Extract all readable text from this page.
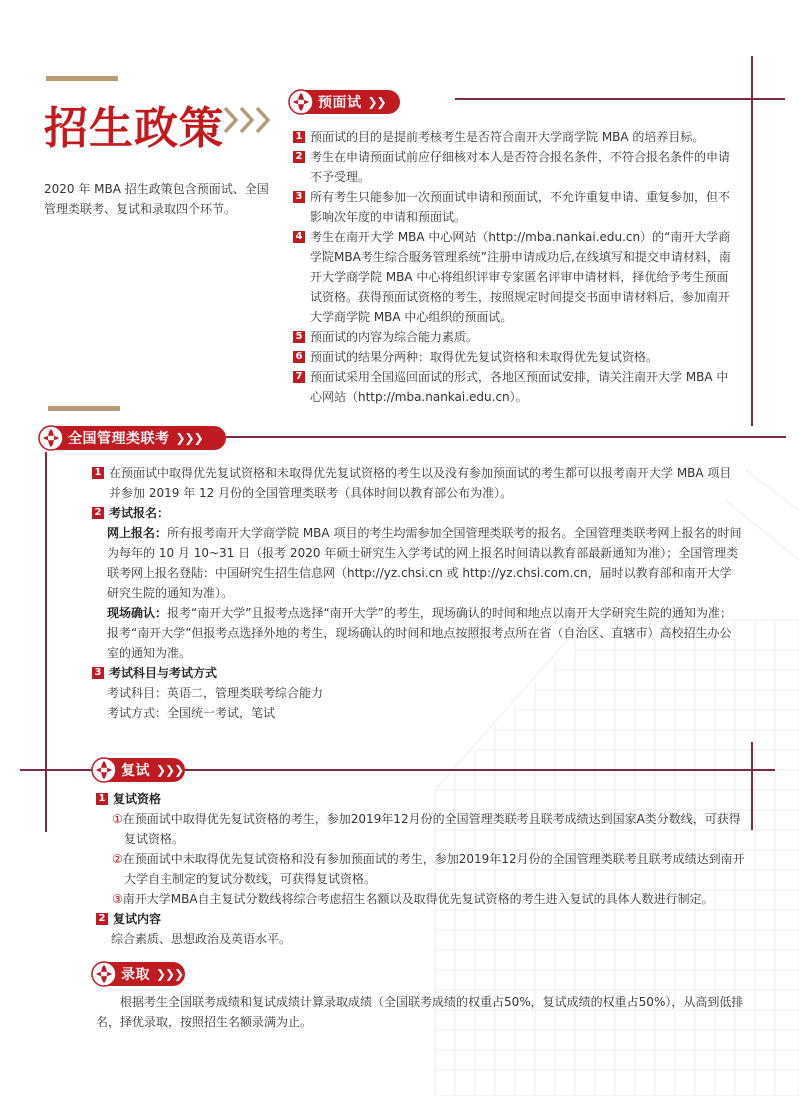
招生政策
2020 年 MBA 招生政策包含预面试、全国管理类联考、复试和录取四个环节。
预面试 ❯❯
1 预面试的目的是提前考核考生是否符合南开大学商学院 MBA 的培养目标。
2 考生在申请预面试前应仔细核对本人是否符合报名条件，不符合报名条件的申请不予受理。
3 所有考生只能参加一次预面试申请和预面试，不允许重复申请、重复参加，但不影响次年度的申请和预面试。
4 考生在南开大学 MBA 中心网站（http://mba.nankai.edu.cn）的“南开大学商学院MBA考生综合服务管理系统”注册申请成功后,在线填写和提交申请材料，南开大学商学院 MBA 中心将组织评审专家匿名评审申请材料，择优给予考生预面试资格。获得预面试资格的考生，按照规定时间提交书面申请材料后，参加南开大学商学院 MBA 中心组织的预面试。
5 预面试的内容为综合能力素质。
6 预面试的结果分两种：取得优先复试资格和未取得优先复试资格。
7 预面试采用全国巡回面试的形式，各地区预面试安排，请关注南开大学 MBA 中心网站（http://mba.nankai.edu.cn）。
全国管理类联考 ❯❯❯
1 在预面试中取得优先复试资格和未取得优先复试资格的考生以及没有参加预面试的考生都可以报考南开大学 MBA 项目并参加 2019 年 12 月份的全国管理类联考（具体时间以教育部公布为准）。
2 考试报名：
网上报名：所有报考南开大学商学院 MBA 项目的考生均需参加全国管理类联考的报名。全国管理类联考网上报名的时间为每年的 10 月 10~31 日（报考 2020 年硕士研究生入学考试的网上报名时间请以教育部最新通知为准）；全国管理类联考网上报名登陆：中国研究生招生信息网（http://yz.chsi.cn 或 http://yz.chsi.com.cn，届时以教育部和南开大学研究生院的通知为准）。
现场确认：报考“南开大学”且报考点选择“南开大学”的考生，现场确认的时间和地点以南开大学研究生院的通知为准；报考“南开大学”但报考点选择外地的考生，现场确认的时间和地点按照报考点所在省（自治区、直辖市）高校招生办公室的通知为准。
3 考试科目与考试方式
考试科目：英语二，管理类联考综合能力
考试方式：全国统一考试，笔试
复试 ❯❯❯
1 复试资格
①在预面试中取得优先复试资格的考生，参加2019年12月份的全国管理类联考且联考成绩达到国家A类分数线，可获得复试资格。
②在预面试中未取得优先复试资格和没有参加预面试的考生，参加2019年12月份的全国管理类联考且联考成绩达到南开大学自主制定的复试分数线，可获得复试资格。
③南开大学MBA自主复试分数线将综合考虑招生名额以及取得优先复试资格的考生进入复试的具体人数进行制定。
2 复试内容
综合素质、思想政治及英语水平。
录取 ❯❯❯
根据考生全国联考成绩和复试成绩计算录取成绩（全国联考成绩的权重占50%，复试成绩的权重占50%），从高到低排名，择优录取，按照招生名额录满为止。
